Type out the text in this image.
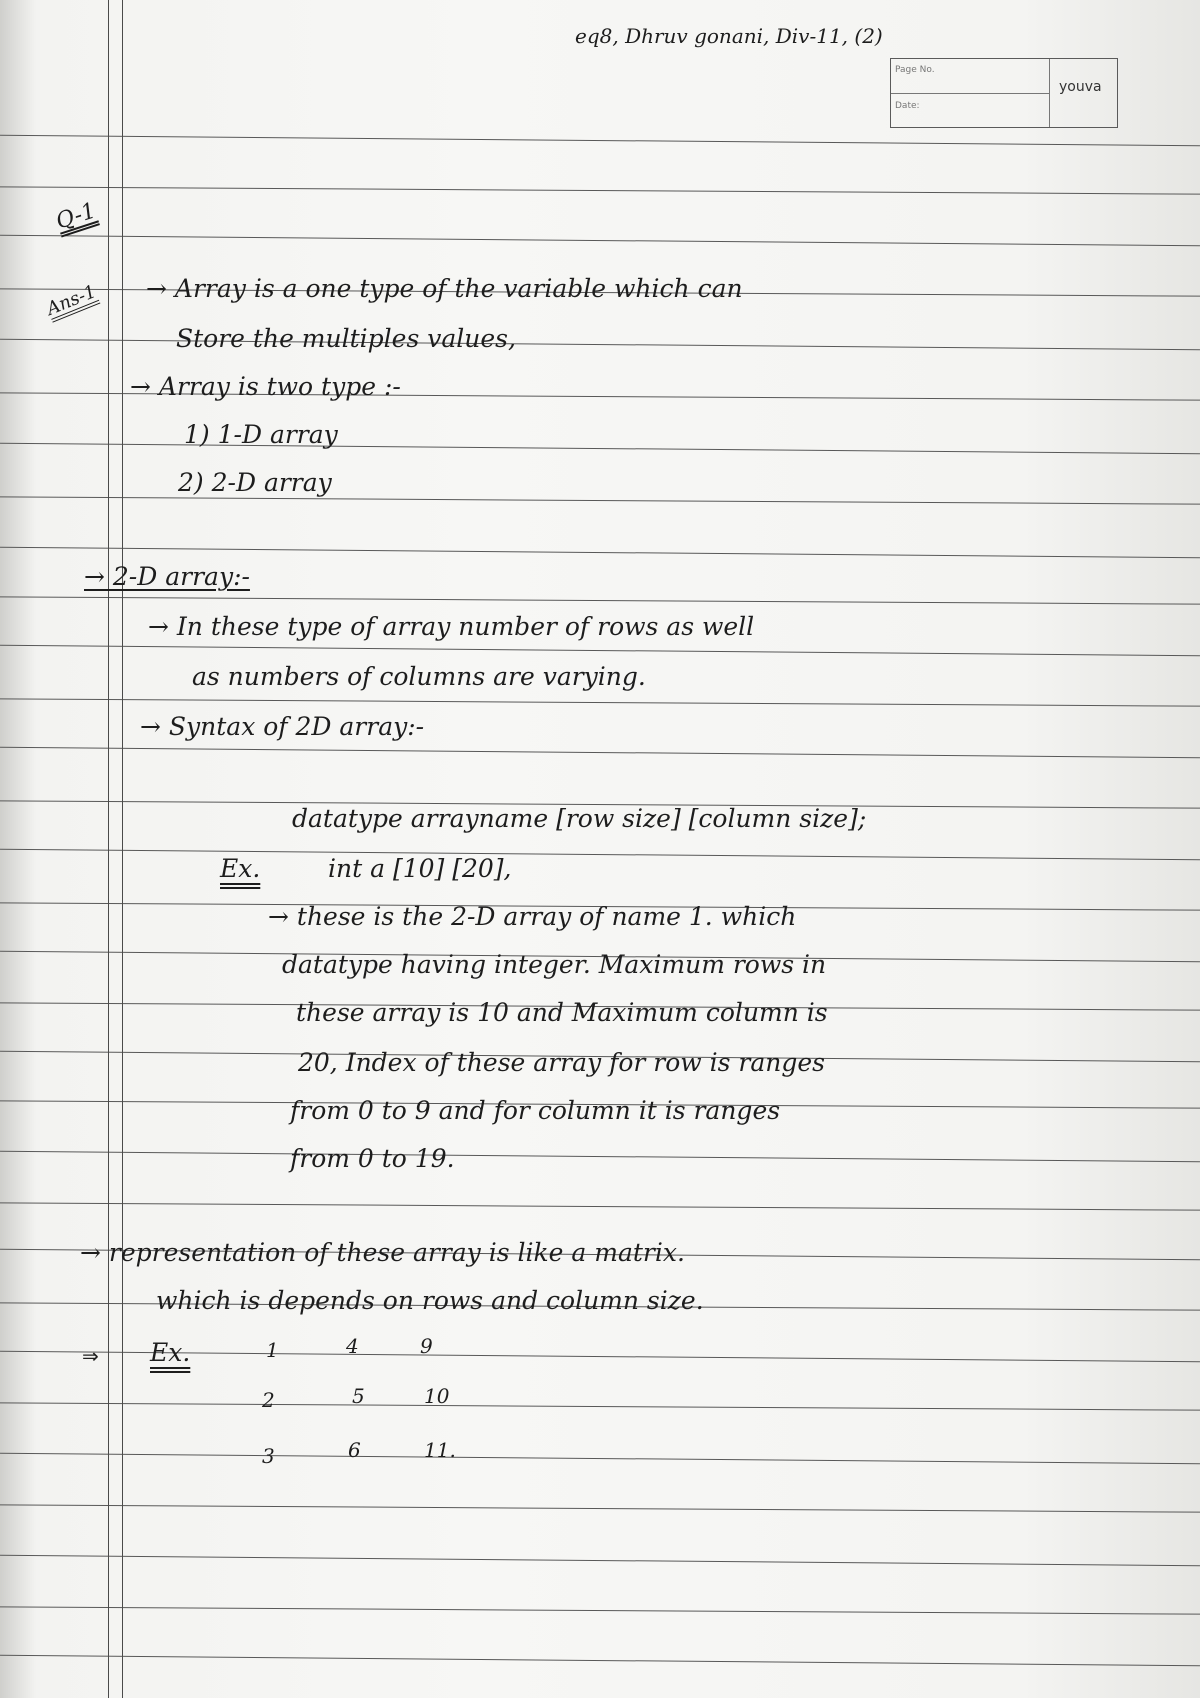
eq8, Dhruv gonani, Div-11, (2)
Page No.
Date:
youva
Q-1
Ans-1 → Array is a one type of the variable which can
Store the multiples values,
→ Array is two type :-
1) 1-D array
2) 2-D array
→ 2-D array:-
→ In these type of array number of rows as well
as numbers of columns are varying.
→ Syntax of 2D array:-
datatype arrayname [row size] [column size];
Ex.	int a [10] [20],
→ these is the 2-D array of name 1. which
datatype having integer. Maximum rows in
these array is 10 and Maximum column is
20, Index of these array for row is ranges
from 0 to 9 and for column it is ranges
from 0 to 19.
→ representation of these array is like a matrix.
which is depends on rows and column size.
⇒ Ex.	1	4	9
2	5	10
3	6	11.
